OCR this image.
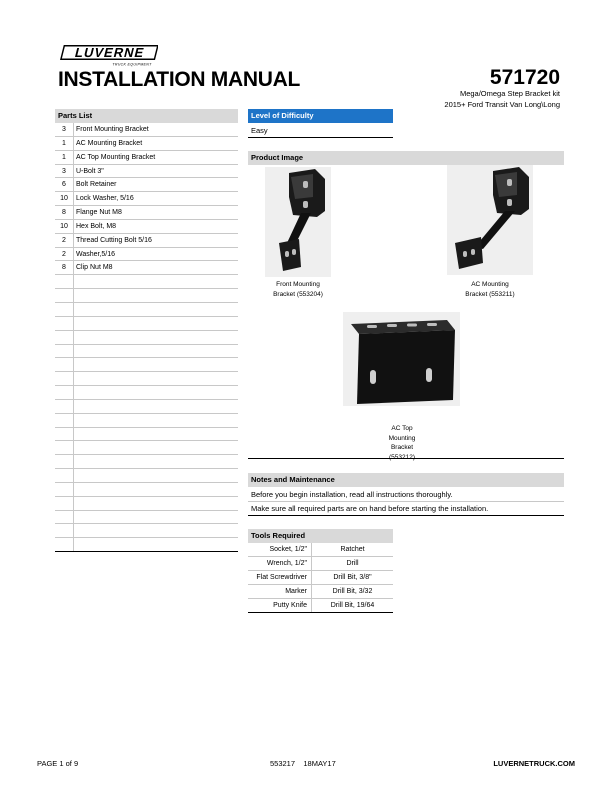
LUVERNE
TRUCK EQUIPMENT
INSTALLATION MANUAL	571720
Mega/Omega Step Bracket kit
2015+ Ford Transit Van Long\Long
Parts List
3	Front Mounting Bracket
1	AC Mounting Bracket
1	AC Top Mounting Bracket
3	U-Bolt 3"
6	Bolt Retainer
10	Lock Washer, 5/16
8	Flange Nut M8
10	Hex Bolt, M8
2	Thread Cutting Bolt 5/16
2	Washer,5/16
8	Clip Nut M8
Level of Difficulty
Easy
Product Image
Front Mounting
Bracket (553204)
AC Mounting
Bracket (553211)
AC Top
Mounting
Bracket
(553212)
Notes and Maintenance
Before you begin installation, read all instructions thoroughly.
Make sure all required parts are on hand before starting the installation.
Tools Required
Socket, 1/2"	Ratchet
Wrench, 1/2"	Drill
Flat Screwdriver	Drill Bit, 3/8"
Marker	Drill Bit, 3/32
Putty Knife	Drill Bit, 19/64
PAGE 1 of 9	553217    18MAY17	LUVERNETRUCK.COM
